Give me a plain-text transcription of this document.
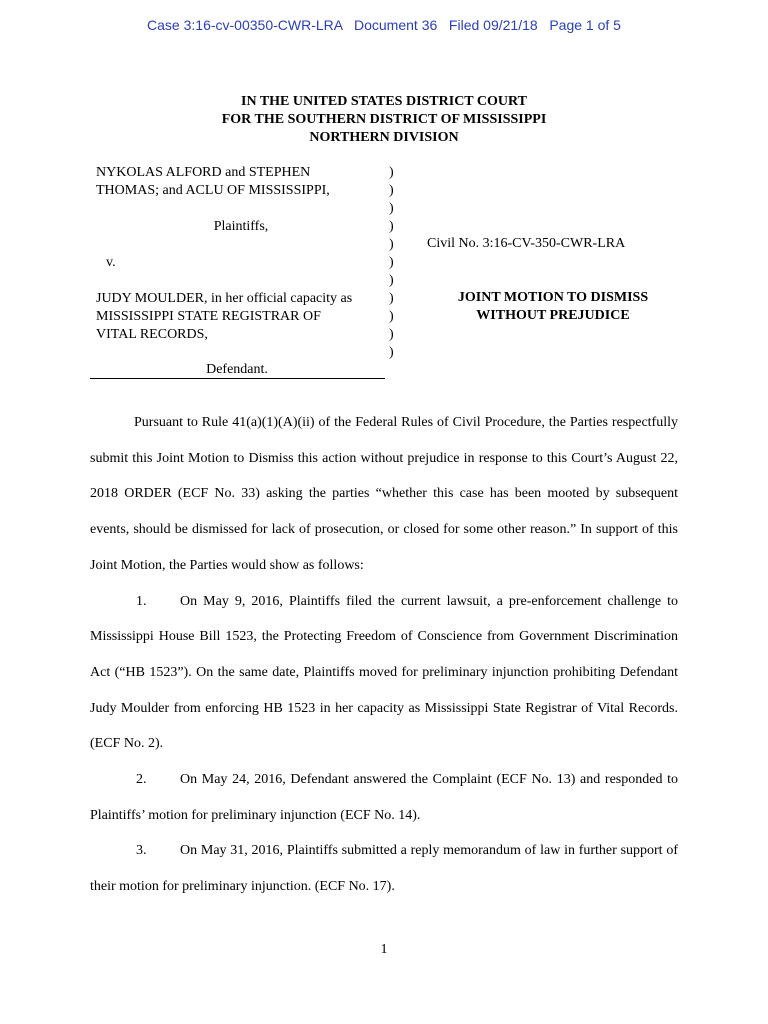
Case 3:16-cv-00350-CWR-LRA   Document 36   Filed 09/21/18   Page 1 of 5
IN THE UNITED STATES DISTRICT COURT
FOR THE SOUTHERN DISTRICT OF MISSISSIPPI
NORTHERN DIVISION
NYKOLAS ALFORD and STEPHEN
THOMAS; and ACLU OF MISSISSIPPI,
Plaintiffs,
v.
JUDY MOULDER, in her official capacity as
MISSISSIPPI STATE REGISTRAR OF
VITAL RECORDS,
)
)
)
)
)
)
)
)
)
)
)
Civil No. 3:16-CV-350-CWR-LRA
JOINT MOTION TO DISMISS
WITHOUT PREJUDICE
Defendant.

Pursuant to Rule 41(a)(1)(A)(ii) of the Federal Rules of Civil Procedure, the Parties respectfully submit this Joint Motion to Dismiss this action without prejudice in response to this Court’s August 22, 2018 ORDER (ECF No. 33) asking the parties “whether this case has been mooted by subsequent events, should be dismissed for lack of prosecution, or closed for some other reason.” In support of this Joint Motion, the Parties would show as follows:

1. On May 9, 2016, Plaintiffs filed the current lawsuit, a pre-enforcement challenge to Mississippi House Bill 1523, the Protecting Freedom of Conscience from Government Discrimination Act (“HB 1523”). On the same date, Plaintiffs moved for preliminary injunction prohibiting Defendant Judy Moulder from enforcing HB 1523 in her capacity as Mississippi State Registrar of Vital Records. (ECF No. 2).

2. On May 24, 2016, Defendant answered the Complaint (ECF No. 13) and responded to Plaintiffs’ motion for preliminary injunction (ECF No. 14).

3. On May 31, 2016, Plaintiffs submitted a reply memorandum of law in further support of their motion for preliminary injunction. (ECF No. 17).

1
